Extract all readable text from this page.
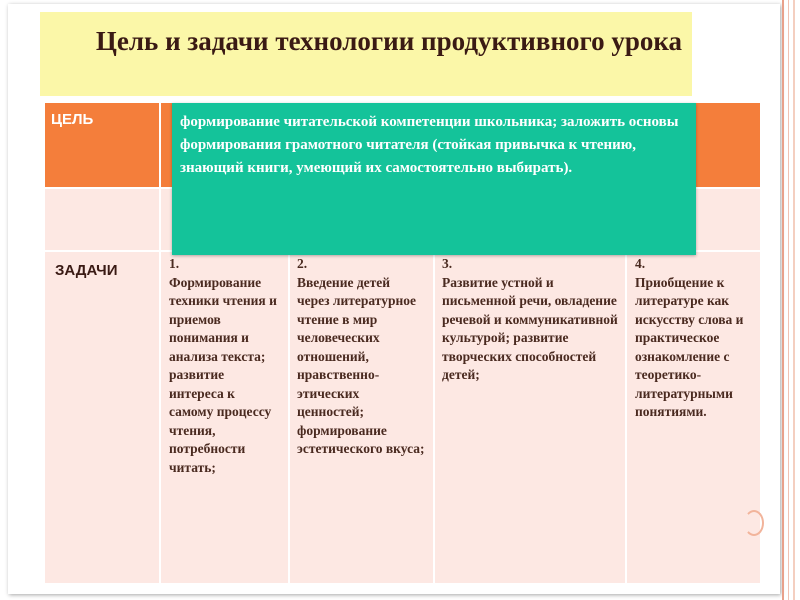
Цель и задачи технологии продуктивного урока
ЦЕЛЬ
ЗАДАЧИ	1.
Формирование техники чтения и приемов понимания и анализа текста; развитие интереса к самому процессу чтения, потребности читать;
2.
Введение детей через литературное чтение в мир человеческих отношений, нравственно-этических ценностей; формирование эстетического вкуса;
3.
Развитие устной и письменной речи, овладение речевой и коммуникативной культурой; развитие творческих способностей детей;
4.
Приобщение к литературе как искусству слова и практическое ознакомление с теоретико-литературными понятиями.
формирование читательской компетенции школьника; заложить основы формирования грамотного читателя (стойкая привычка к чтению, знающий книги, умеющий их самостоятельно выбирать).
